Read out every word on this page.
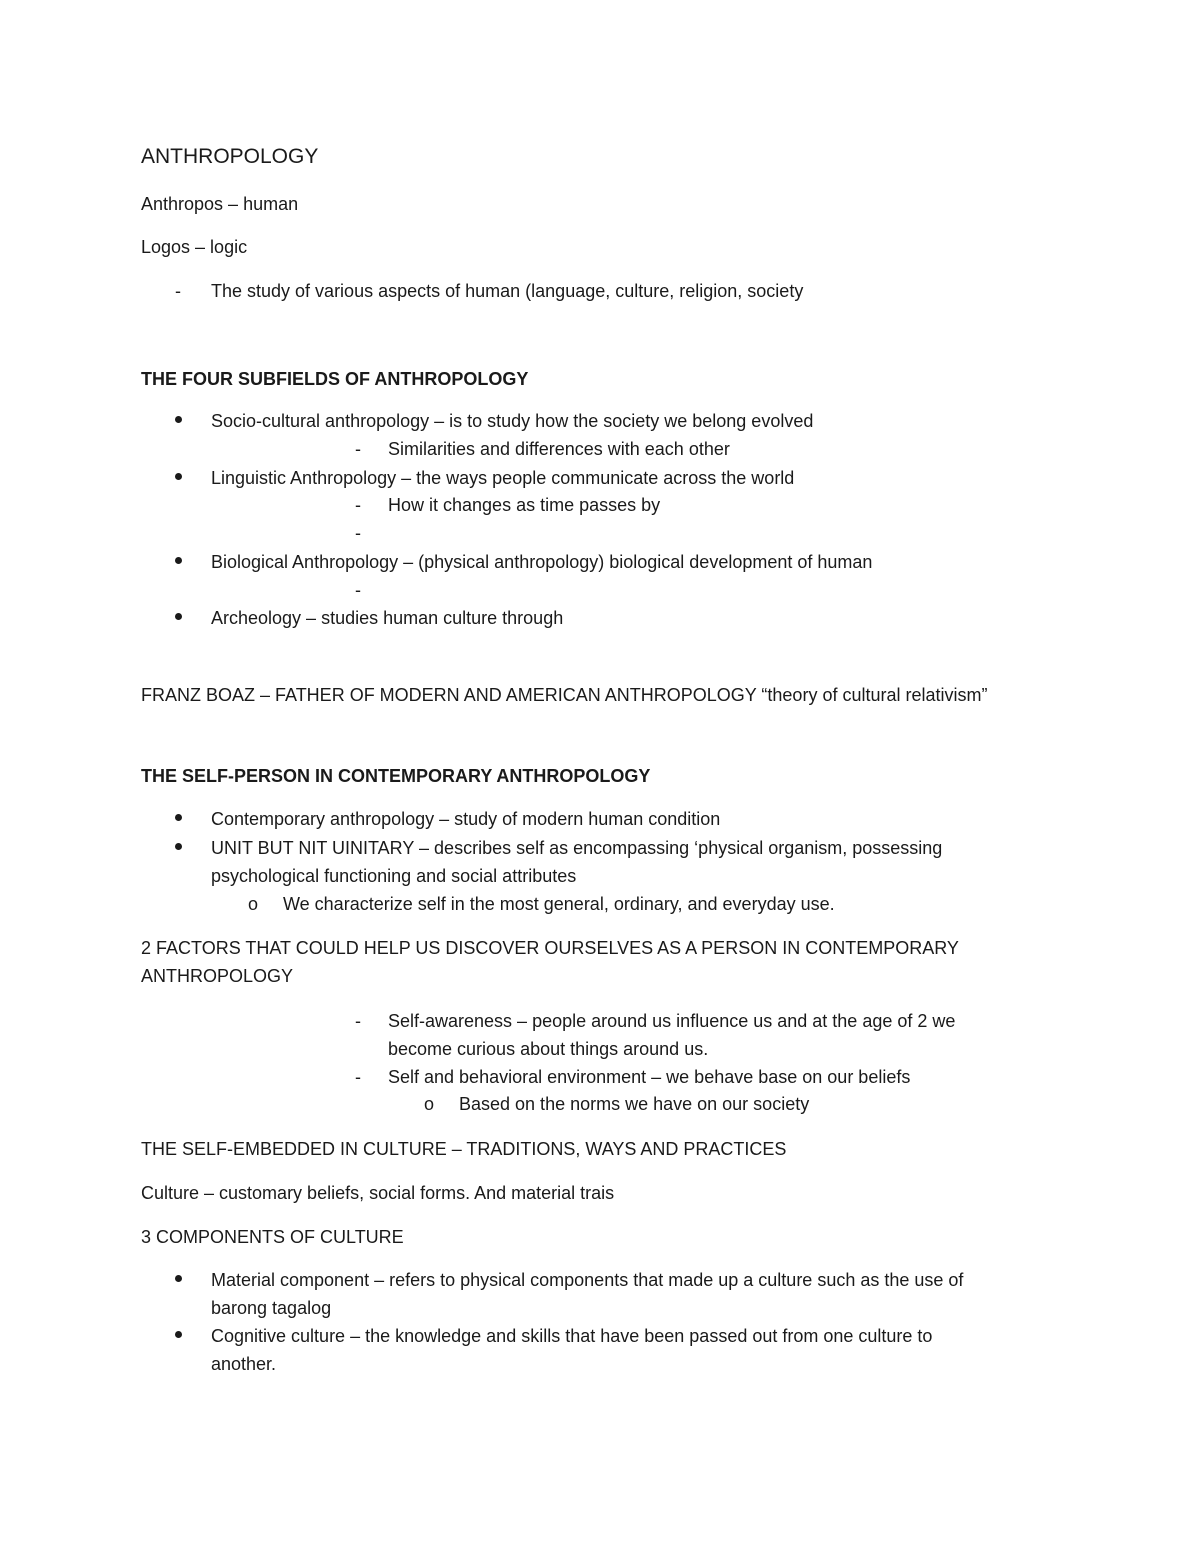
ANTHROPOLOGY
Anthropos – human
Logos – logic
- The study of various aspects of human (language, culture, religion, society
THE FOUR SUBFIELDS OF ANTHROPOLOGY
Socio-cultural anthropology – is to study how the society we belong evolved
- Similarities and differences with each other
Linguistic Anthropology – the ways people communicate across the world
- How it changes as time passes by
-
Biological Anthropology – (physical anthropology) biological development of human
-
Archeology – studies human culture through
FRANZ BOAZ – FATHER OF MODERN AND AMERICAN ANTHROPOLOGY “theory of cultural relativism”
THE SELF-PERSON IN CONTEMPORARY ANTHROPOLOGY
Contemporary anthropology – study of modern human condition
UNIT BUT NIT UINITARY – describes self as encompassing ‘physical organism, possessing
psychological functioning and social attributes
o We characterize self in the most general, ordinary, and everyday use.
2 FACTORS THAT COULD HELP US DISCOVER OURSELVES AS A PERSON IN CONTEMPORARY
ANTHROPOLOGY
- Self-awareness – people around us influence us and at the age of 2 we
become curious about things around us.
- Self and behavioral environment – we behave base on our beliefs
o Based on the norms we have on our society
THE SELF-EMBEDDED IN CULTURE – TRADITIONS, WAYS AND PRACTICES
Culture – customary beliefs, social forms. And material trais
3 COMPONENTS OF CULTURE
Material component – refers to physical components that made up a culture such as the use of
barong tagalog
Cognitive culture – the knowledge and skills that have been passed out from one culture to
another.
